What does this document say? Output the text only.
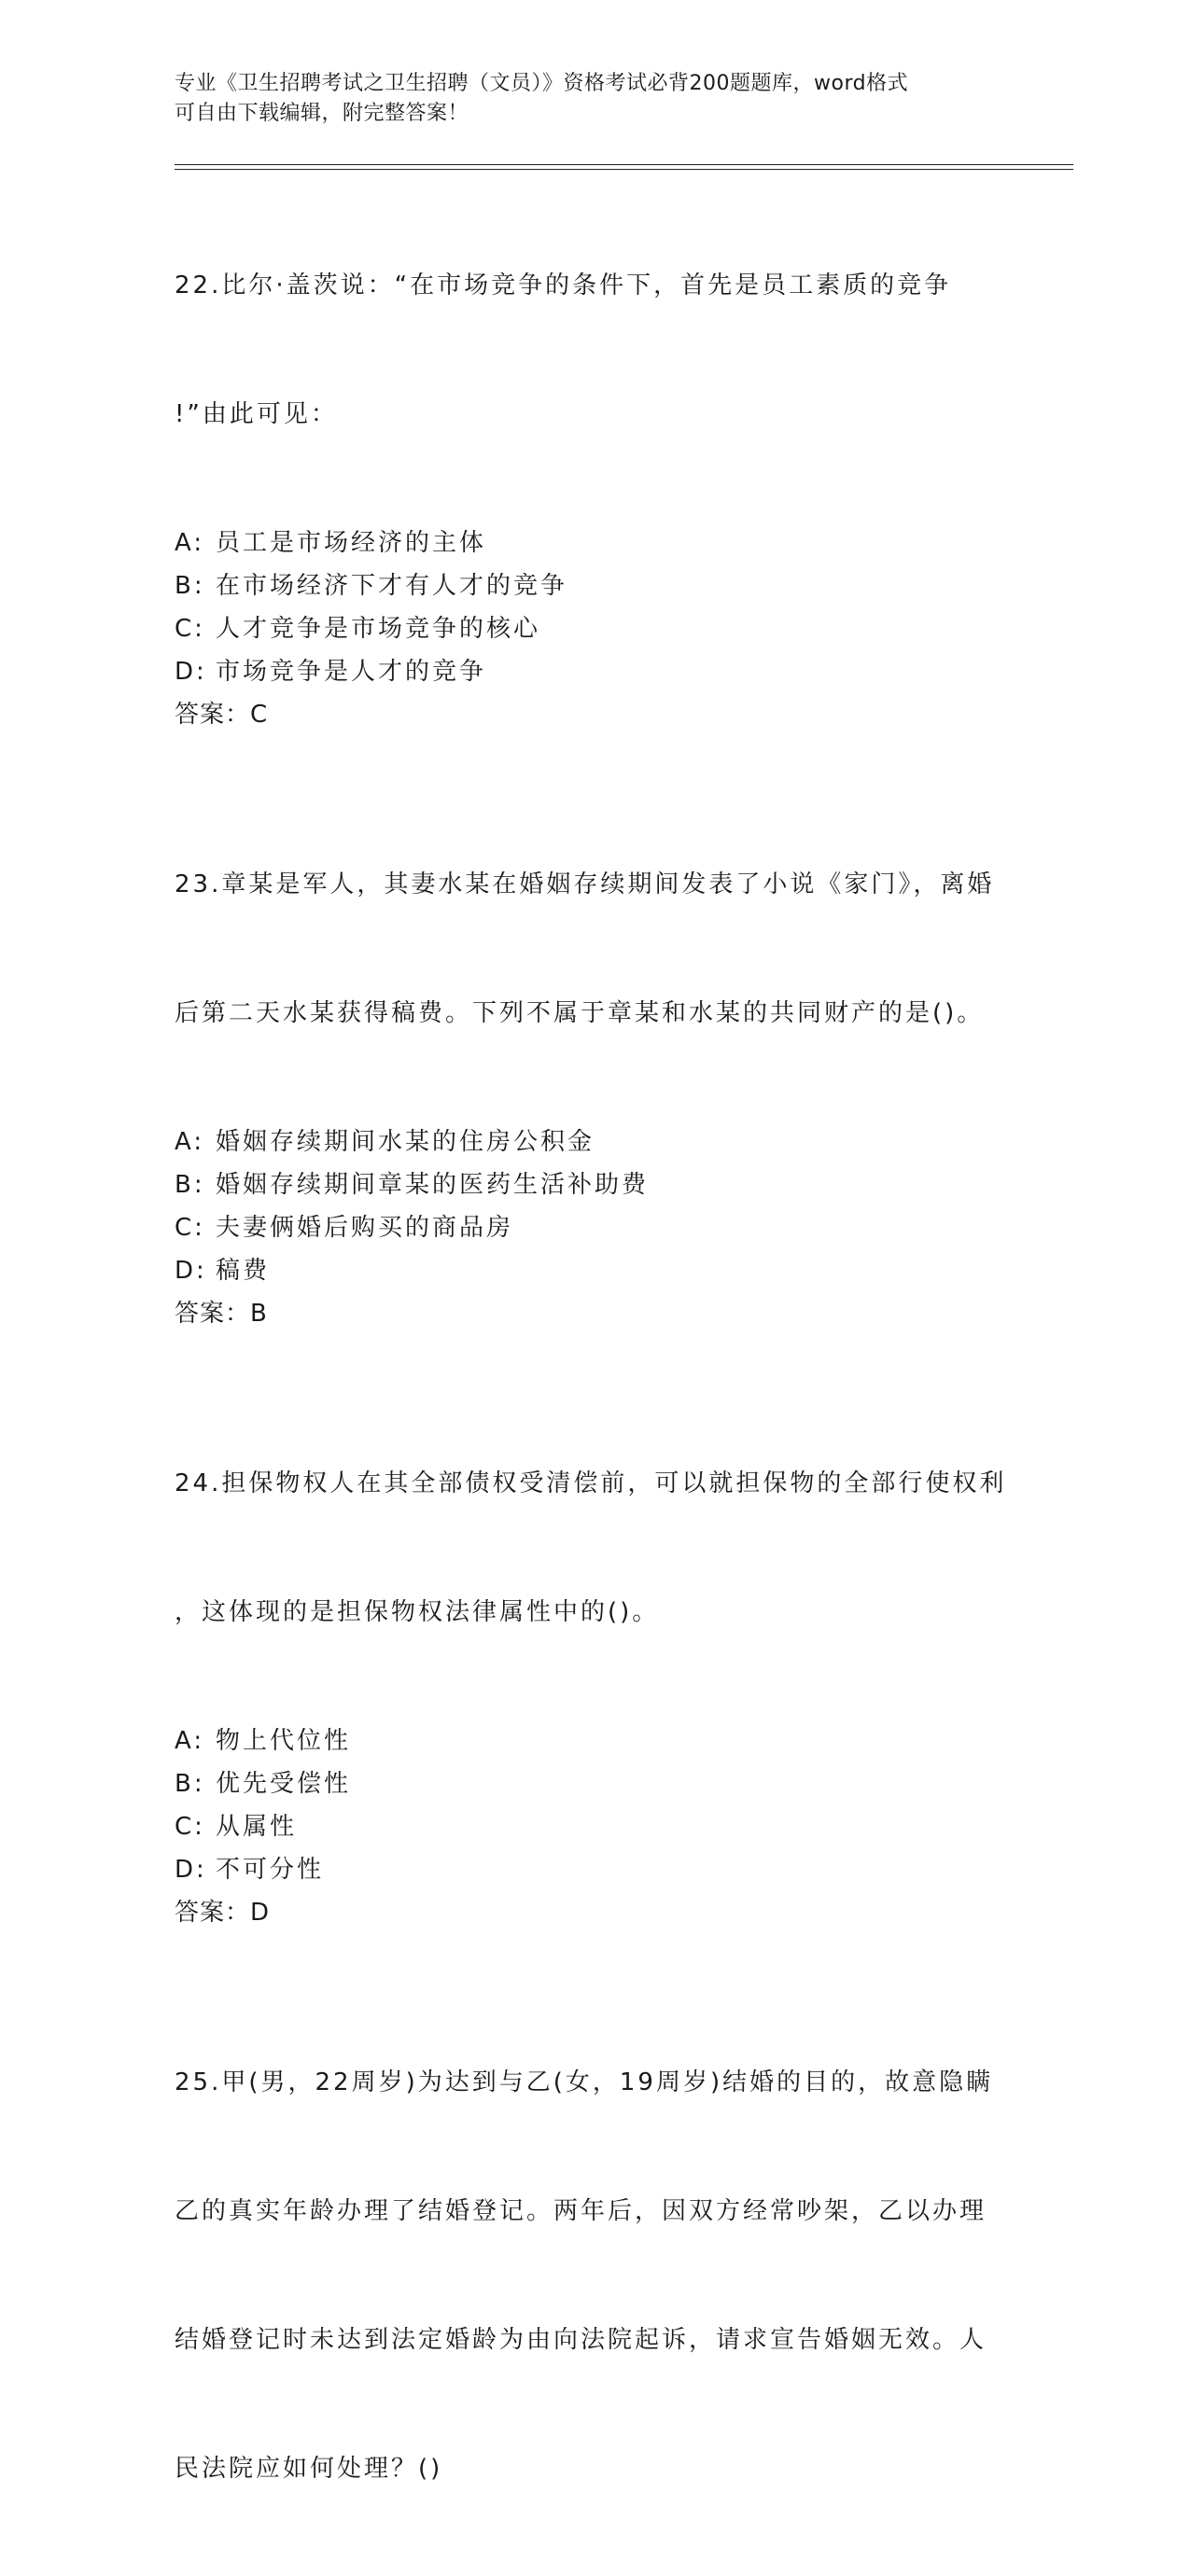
专业《卫生招聘考试之卫生招聘（文员）》资格考试必背200题题库，word格式
可自由下载编辑，附完整答案！

22.比尔·盖茨说：“在市场竞争的条件下，首先是员工素质的竞争

!”由此可见：

A: 员工是市场经济的主体
B: 在市场经济下才有人才的竞争
C: 人才竞争是市场竞争的核心
D: 市场竞争是人才的竞争
答案：C

23.章某是军人，其妻水某在婚姻存续期间发表了小说《家门》，离婚

后第二天水某获得稿费。下列不属于章某和水某的共同财产的是()。

A: 婚姻存续期间水某的住房公积金
B: 婚姻存续期间章某的医药生活补助费
C: 夫妻俩婚后购买的商品房
D: 稿费
答案：B

24.担保物权人在其全部债权受清偿前，可以就担保物的全部行使权利

，这体现的是担保物权法律属性中的()。

A: 物上代位性
B: 优先受偿性
C: 从属性
D: 不可分性
答案：D

25.甲(男，22周岁)为达到与乙(女，19周岁)结婚的目的，故意隐瞒

乙的真实年龄办理了结婚登记。两年后，因双方经常吵架，乙以办理

结婚登记时未达到法定婚龄为由向法院起诉，请求宣告婚姻无效。人

民法院应如何处理？()
